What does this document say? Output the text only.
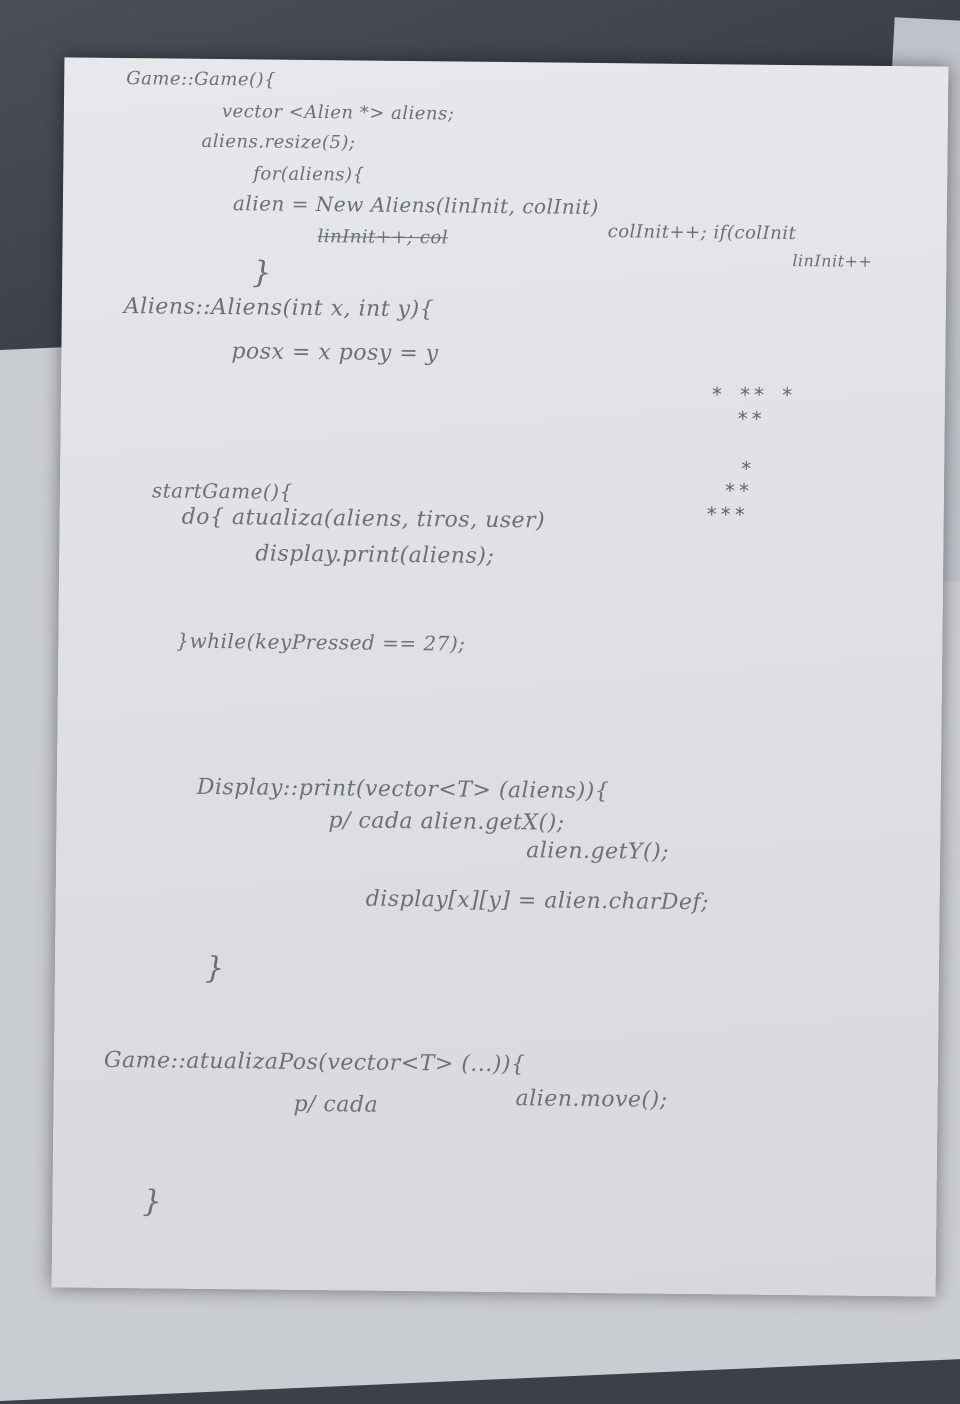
Game::Game(){
vector <Alien *> aliens;
aliens.resize(5);
for(aliens){
alien = New Aliens(linInit, colInit)
linInit++; col	colInit++; if(colInit
linInit++
}
Aliens::Aliens(int x, int y){
posx = x posy = y
* ** *
**
*
**
***
startGame(){
do{ atualiza(aliens, tiros, user)
display.print(aliens);
}while(keyPressed == 27);
Display::print(vector<T> (aliens)){
p/ cada alien.getX();
alien.getY();
display[x][y] = alien.charDef;
}
Game::atualizaPos(vector<T> (...)){
p/ cada	alien.move();
}
